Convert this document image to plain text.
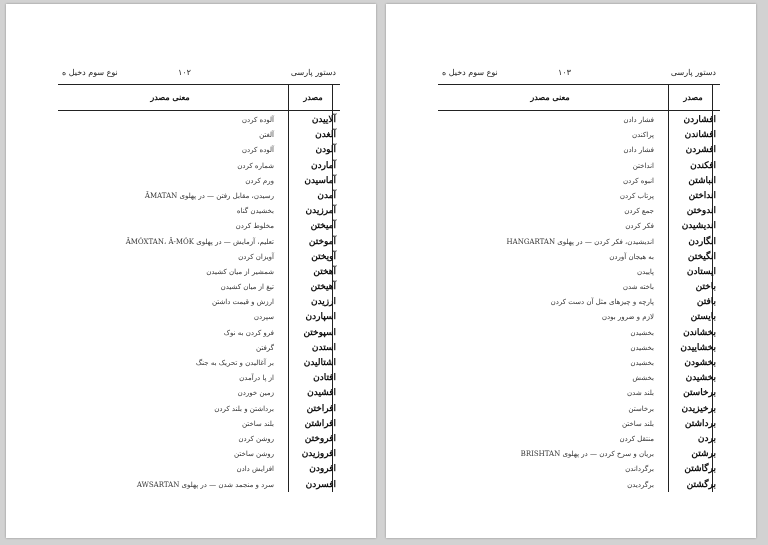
نوع سوم دخیل ه	۱۰۲	دستور پارسی
معنی مصدر	مصدر
آلوده کردن	آلاییدن
آلغتن	آلغدن
آلوده کردن	آلودن
شماره کردن	آماردن
ورم کردن	آماسیدن
رسیدن، مقابل رفتن — در پهلوی ÂMATAN	آمدن
بخشیدن گناه	آمرزیدن
مخلوط کردن	آمیختن
تعلیم، آزمایش — در پهلوی ÂMÓXTAN، Â-MÓK	آموختن
آویزان کردن	آویختن
شمشیر از میان کشیدن	آهختن
تیغ از میان کشیدن	آهیختن
ارزش و قیمت داشتن	ارزیدن
سپردن	اسپاردن
فرو کردن به نوک	اسپوختن
گرفتن	استدن
بر آغالیدن و تحریک به جنگ	اشتالیدن
از پا درآمدن	افتادن
زمین خوردن	افشیدن
برداشتن و بلند کردن	افراختن
بلند ساختن	افراشتن
روشن کردن	افروختن
روشن ساختن	افروزیدن
افزایش دادن	افرودن
سرد و منجمد شدن — در پهلوی AWSARTAN	افسردن
نوع سوم دخیل ه	۱۰۳	دستور پارسی
معنی مصدر	مصدر
فشار دادن	افشاردن
پراکندن	افشاندن
فشار دادن	افشردن
انداختن	افکندن
انبوه کردن	انباشتن
پرتاب کردن	انداختن
جمع کردن	اندوختن
فکر کردن	اندیشیدن
اندیشیدن، فکر کردن — در پهلوی HANGARTAN	انگاردن
به هیجان آوردن	انگیختن
پاییدن	ایستادن
باخته شدن	باختن
پارچه و چیزهای مثل آن دست کردن	بافتن
لازم و ضرور بودن	بایستن
بخشیدن	بخشاندن
بخشیدن	بخشاییدن
بخشیدن	بخشودن
بخشش	بخشیدن
بلند شدن	برخاستن
برخاستن	برخیزیدن
بلند ساختن	برداشتن
منتقل کردن	بردن
بریان و سرخ کردن — در پهلوی BRISHTAN	برشتن
برگرداندن	برگاشتن
برگردیدن	برگشتن
